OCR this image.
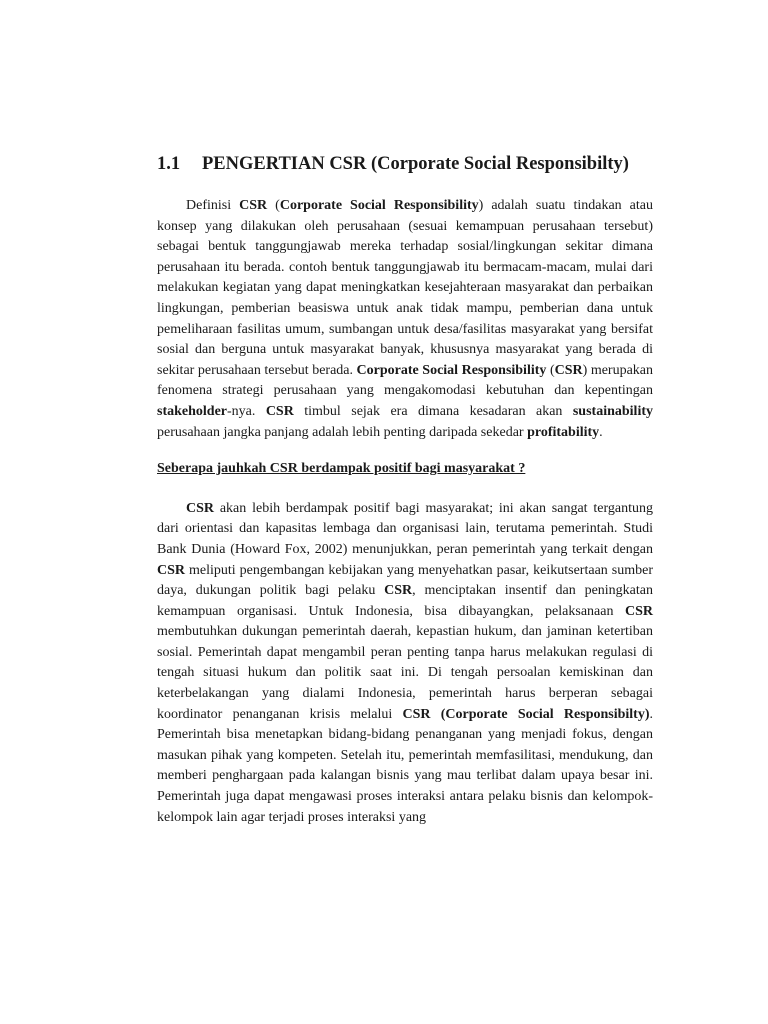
1.1	PENGERTIAN CSR (Corporate Social Responsibilty)

Definisi CSR (Corporate Social Responsibility) adalah suatu tindakan atau konsep yang dilakukan oleh perusahaan (sesuai kemampuan perusahaan tersebut) sebagai bentuk tanggungjawab mereka terhadap sosial/lingkungan sekitar dimana perusahaan itu berada. contoh bentuk tanggungjawab itu bermacam-macam, mulai dari melakukan kegiatan yang dapat meningkatkan kesejahteraan masyarakat dan perbaikan lingkungan, pemberian beasiswa untuk anak tidak mampu, pemberian dana untuk pemeliharaan fasilitas umum, sumbangan untuk desa/fasilitas masyarakat yang bersifat sosial dan berguna untuk masyarakat banyak, khususnya masyarakat yang berada di sekitar perusahaan tersebut berada. Corporate Social Responsibility (CSR) merupakan fenomena strategi perusahaan yang mengakomodasi kebutuhan dan kepentingan stakeholder-nya. CSR timbul sejak era dimana kesadaran akan sustainability perusahaan jangka panjang adalah lebih penting daripada sekedar profitability.

Seberapa jauhkah CSR berdampak positif bagi masyarakat ?

CSR akan lebih berdampak positif bagi masyarakat; ini akan sangat tergantung dari orientasi dan kapasitas lembaga dan organisasi lain, terutama pemerintah. Studi Bank Dunia (Howard Fox, 2002) menunjukkan, peran pemerintah yang terkait dengan CSR meliputi pengembangan kebijakan yang menyehatkan pasar, keikutsertaan sumber daya, dukungan politik bagi pelaku CSR, menciptakan insentif dan peningkatan kemampuan organisasi. Untuk Indonesia, bisa dibayangkan, pelaksanaan CSR membutuhkan dukungan pemerintah daerah, kepastian hukum, dan jaminan ketertiban sosial. Pemerintah dapat mengambil peran penting tanpa harus melakukan regulasi di tengah situasi hukum dan politik saat ini. Di tengah persoalan kemiskinan dan keterbelakangan yang dialami Indonesia, pemerintah harus berperan sebagai koordinator penanganan krisis melalui CSR (Corporate Social Responsibilty). Pemerintah bisa menetapkan bidang-bidang penanganan yang menjadi fokus, dengan masukan pihak yang kompeten. Setelah itu, pemerintah memfasilitasi, mendukung, dan memberi penghargaan pada kalangan bisnis yang mau terlibat dalam upaya besar ini. Pemerintah juga dapat mengawasi proses interaksi antara pelaku bisnis dan kelompok-kelompok lain agar terjadi proses interaksi yang
